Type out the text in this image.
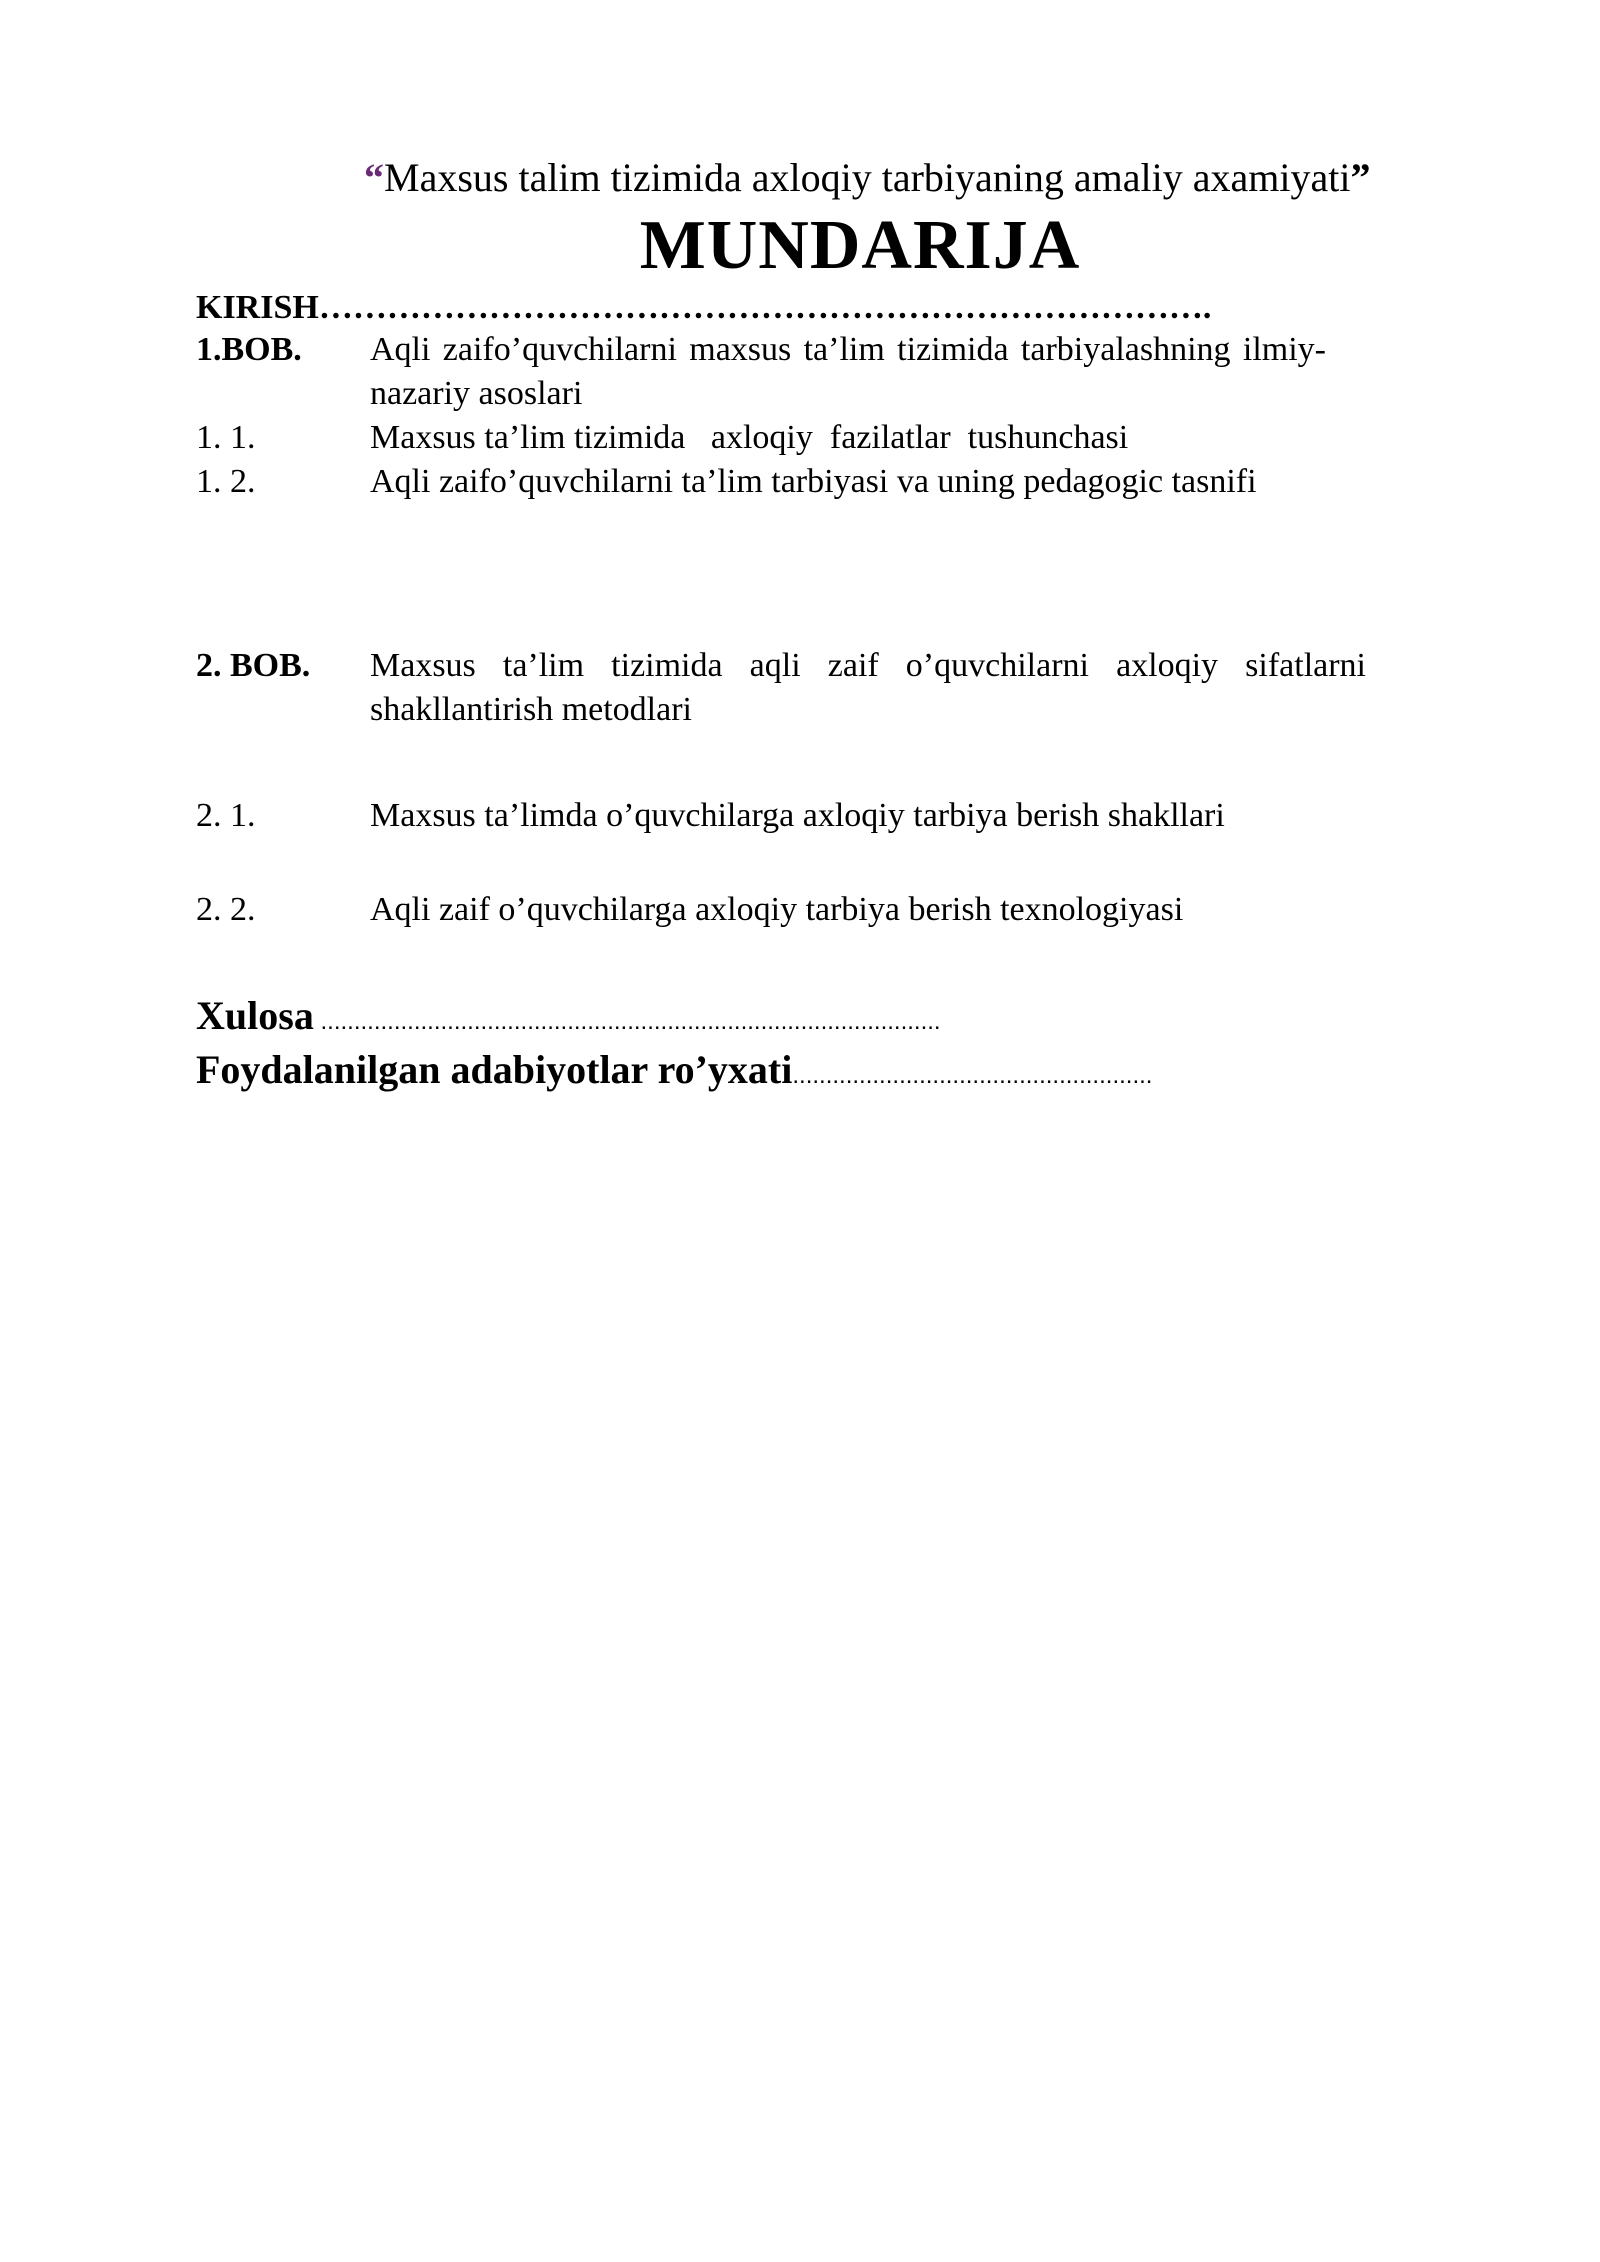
“Maxsus talim tizimida axloqiy tarbiyaning amaliy axamiyati”
MUNDARIJA
KIRISH…………………………………………………………………….
1.BOB. Aqli zaifo’quvchilarni maxsus ta’lim tizimida tarbiyalashning ilmiy-nazariy asoslari
1. 1.	Maxsus ta’lim tizimida   axloqiy  fazilatlar  tushunchasi
1. 2.	Aqli zaifo’quvchilarni ta’lim tarbiyasi va uning pedagogic tasnifi
2. BOB. Maxsus ta’lim tizimida aqli zaif o’quvchilarni axloqiy sifatlarni shakllantirish metodlari
2. 1.	Maxsus ta’limda o’quvchilarga axloqiy tarbiya berish shakllari
2. 2.	Aqli zaif o’quvchilarga axloqiy tarbiya berish texnologiyasi
Xulosa .............................................................................................
Foydalanilgan adabiyotlar ro’yxati......................................................
